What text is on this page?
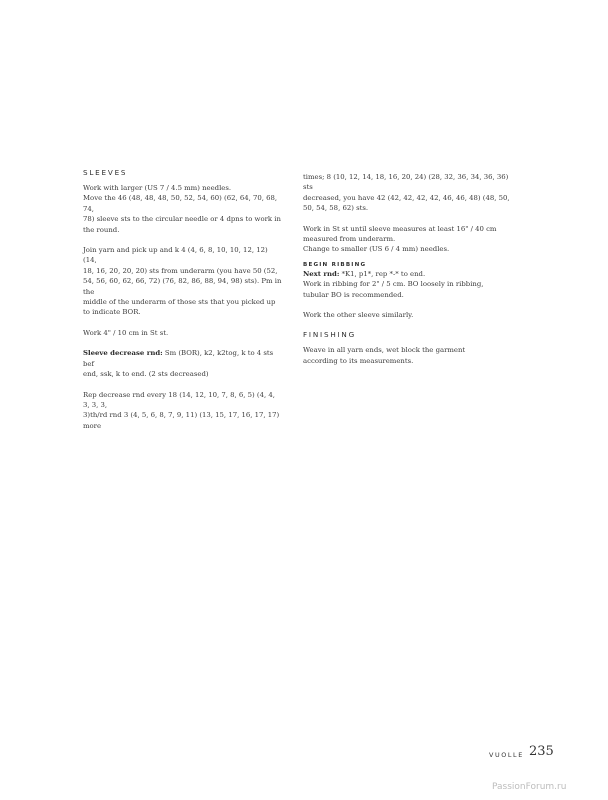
SLEEVES

Work with larger (US 7 / 4.5 mm) needles.

Move the 46 (48, 48, 48, 50, 52, 54, 60) (62, 64, 70, 68, 74,

78) sleeve sts to the circular needle or 4 dpns to work in

the round.

Join yarn and pick up and k 4 (4, 6, 8, 10, 10, 12, 12) (14,

18, 16, 20, 20, 20) sts from underarm (you have 50 (52,

54, 56, 60, 62, 66, 72) (76, 82, 86, 88, 94, 98) sts). Pm in the

middle of the underarm of those sts that you picked up

to indicate BOR.

Work 4" / 10 cm in St st.

Sleeve decrease rnd: Sm (BOR), k2, k2tog, k to 4 sts bef

end, ssk, k to end. (2 sts decreased)

Rep decrease rnd every 18 (14, 12, 10, 7, 8, 6, 5) (4, 4, 3, 3, 3,

3)th/rd rnd 3 (4, 5, 6, 8, 7, 9, 11) (13, 15, 17, 16, 17, 17) more

times; 8 (10, 12, 14, 18, 16, 20, 24) (28, 32, 36, 34, 36, 36) sts

decreased, you have 42 (42, 42, 42, 42, 46, 46, 48) (48, 50,

50, 54, 58, 62) sts.

Work in St st until sleeve measures at least 16" / 40 cm

measured from underarm.

Change to smaller (US 6 / 4 mm) needles.

BEGIN RIBBING

Next rnd: *K1, p1*, rep *-* to end.

Work in ribbing for 2" / 5 cm. BO loosely in ribbing,

tubular BO is recommended.

Work the other sleeve similarly.

FINISHING

Weave in all yarn ends, wet block the garment

according to its measurements.

VUOLLE 235
PassionForum.ru
